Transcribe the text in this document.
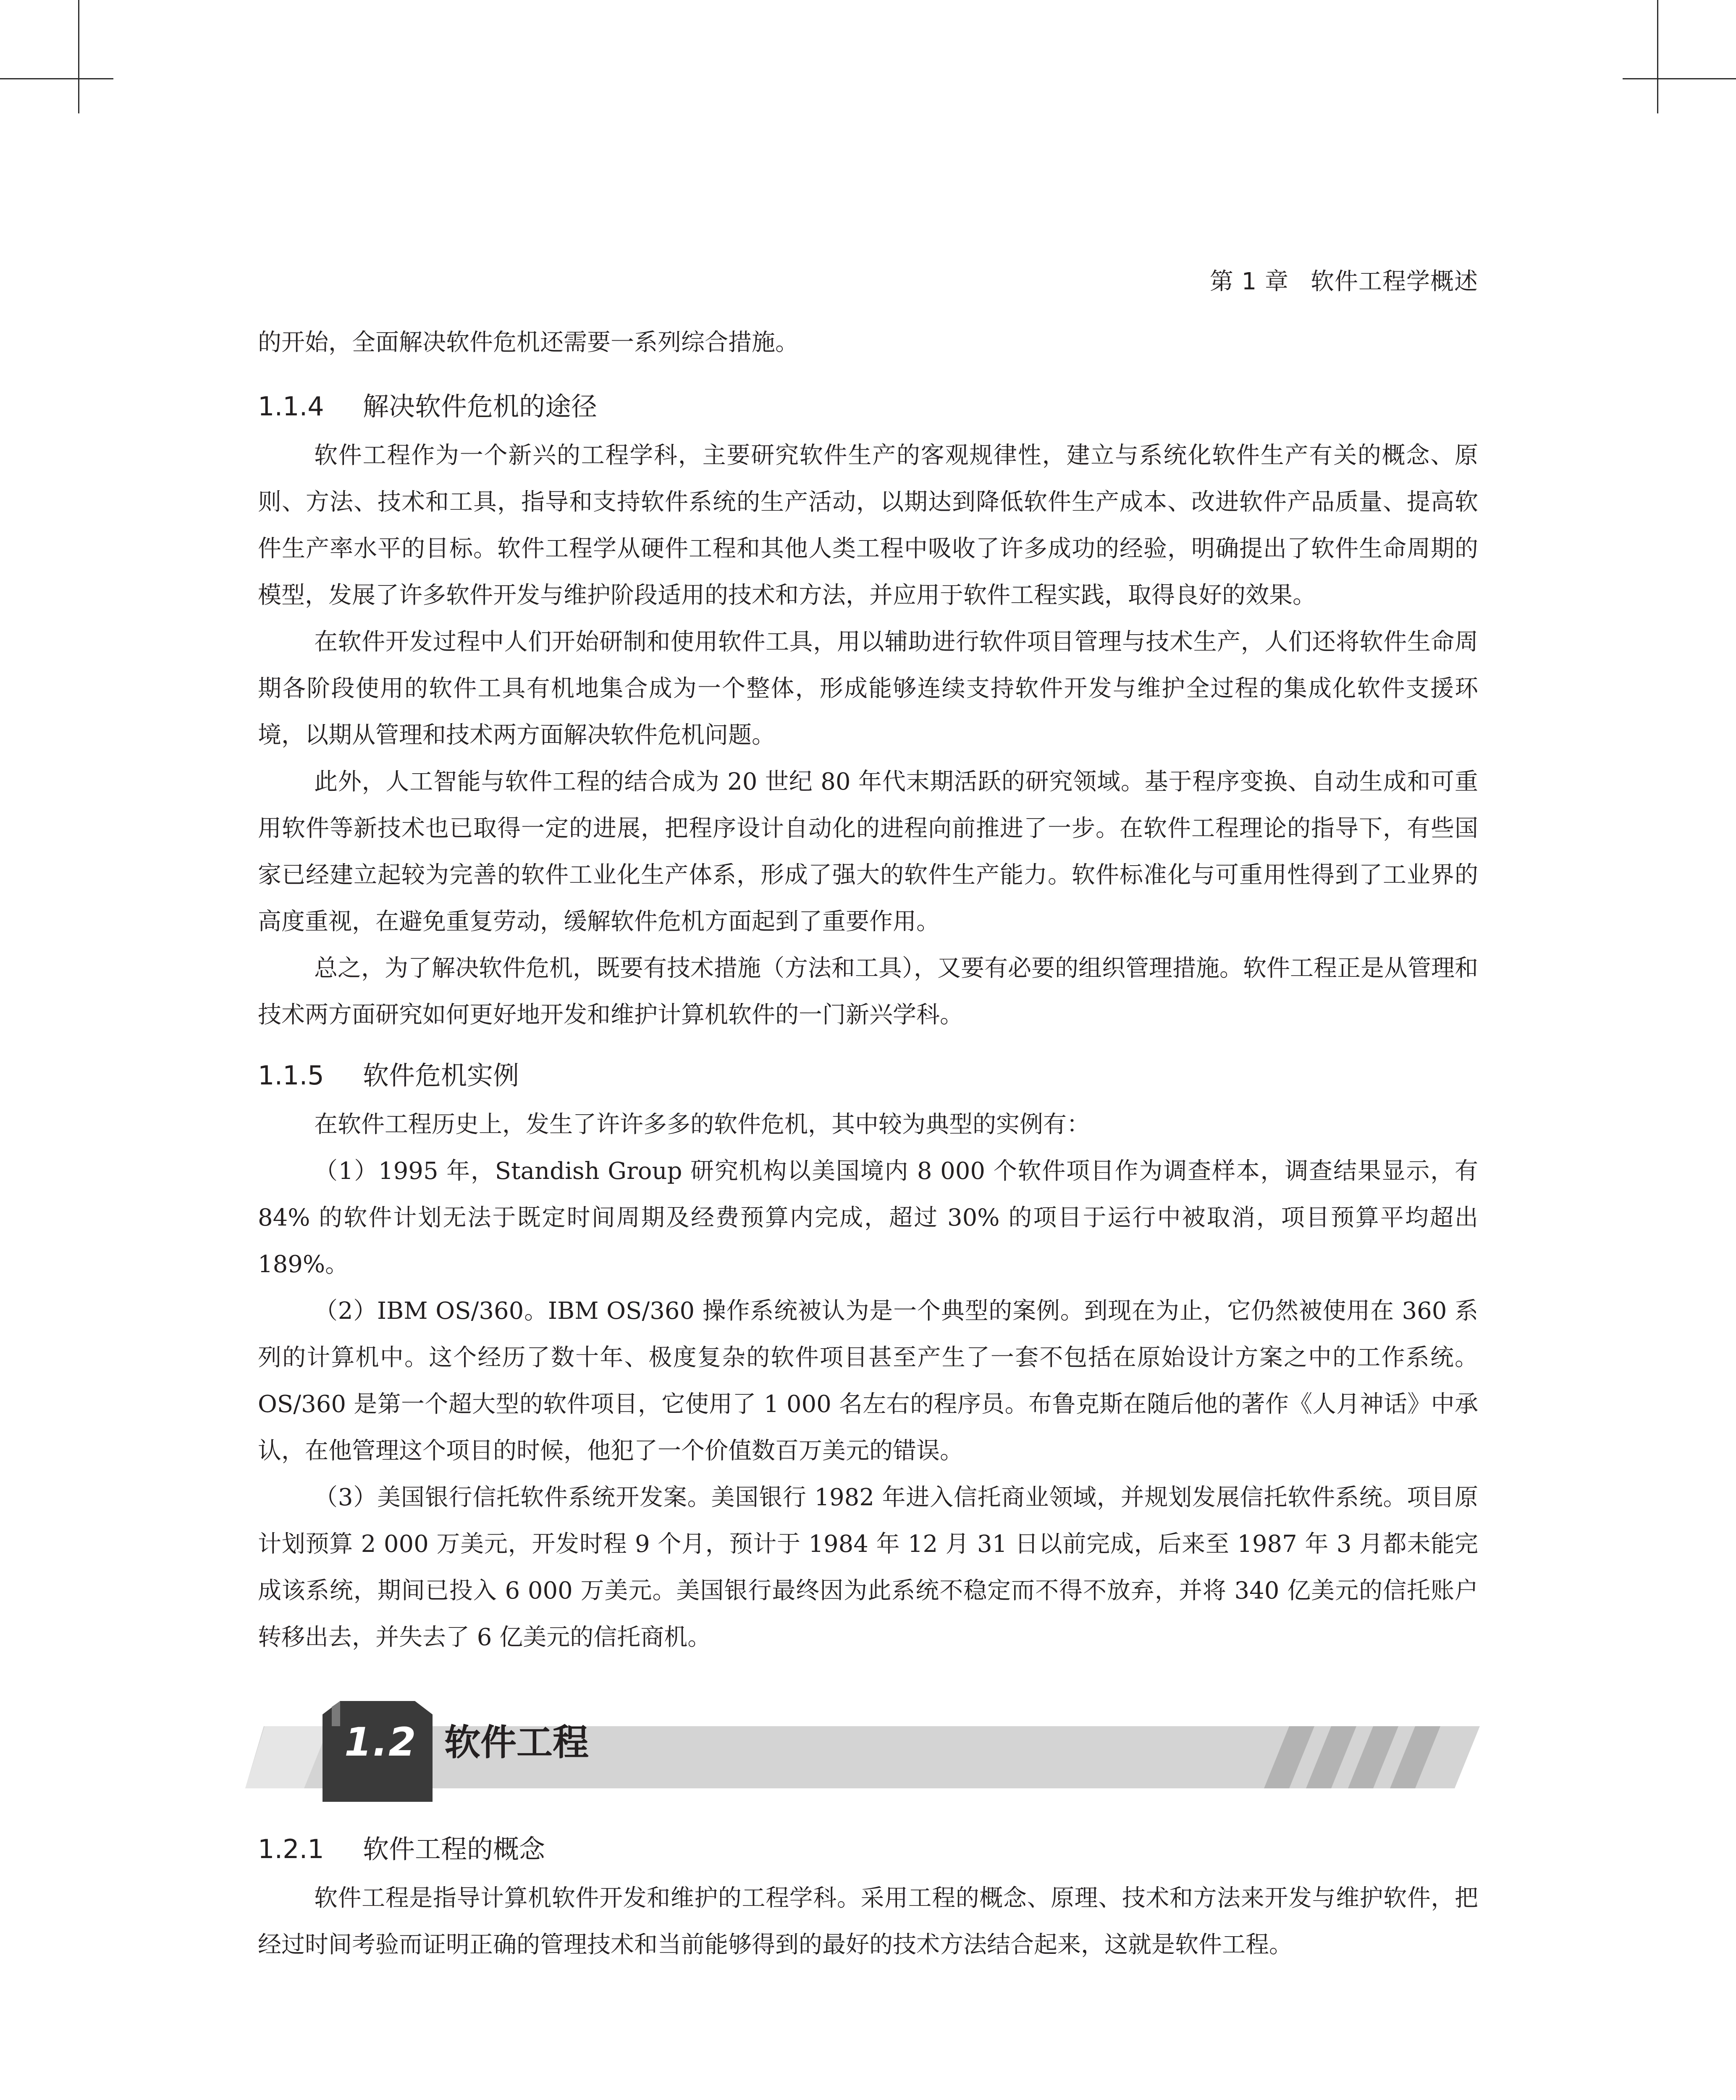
第 1 章 软件工程学概述

的开始，全面解决软件危机还需要一系列综合措施。

1.1.4 解决软件危机的途径

软件工程作为一个新兴的工程学科，主要研究软件生产的客观规律性，建立与系统化软件生产有关的概念、原则、方法、技术和工具，指导和支持软件系统的生产活动，以期达到降低软件生产成本、改进软件产品质量、提高软件生产率水平的目标。软件工程学从硬件工程和其他人类工程中吸收了许多成功的经验，明确提出了软件生命周期的模型，发展了许多软件开发与维护阶段适用的技术和方法，并应用于软件工程实践，取得良好的效果。

在软件开发过程中人们开始研制和使用软件工具，用以辅助进行软件项目管理与技术生产，人们还将软件生命周期各阶段使用的软件工具有机地集合成为一个整体，形成能够连续支持软件开发与维护全过程的集成化软件支援环境，以期从管理和技术两方面解决软件危机问题。

此外，人工智能与软件工程的结合成为 20 世纪 80 年代末期活跃的研究领域。基于程序变换、自动生成和可重用软件等新技术也已取得一定的进展，把程序设计自动化的进程向前推进了一步。在软件工程理论的指导下，有些国家已经建立起较为完善的软件工业化生产体系，形成了强大的软件生产能力。软件标准化与可重用性得到了工业界的高度重视，在避免重复劳动，缓解软件危机方面起到了重要作用。

总之，为了解决软件危机，既要有技术措施（方法和工具），又要有必要的组织管理措施。软件工程正是从管理和技术两方面研究如何更好地开发和维护计算机软件的一门新兴学科。

1.1.5 软件危机实例

在软件工程历史上，发生了许许多多的软件危机，其中较为典型的实例有：

（1）1995 年，Standish Group 研究机构以美国境内 8 000 个软件项目作为调查样本，调查结果显示，有 84% 的软件计划无法于既定时间周期及经费预算内完成，超过 30% 的项目于运行中被取消，项目预算平均超出 189%。

（2）IBM OS/360。IBM OS/360 操作系统被认为是一个典型的案例。到现在为止，它仍然被使用在 360 系列的计算机中。这个经历了数十年、极度复杂的软件项目甚至产生了一套不包括在原始设计方案之中的工作系统。OS/360 是第一个超大型的软件项目，它使用了 1 000 名左右的程序员。布鲁克斯在随后他的著作《人月神话》中承认，在他管理这个项目的时候，他犯了一个价值数百万美元的错误。

（3）美国银行信托软件系统开发案。美国银行 1982 年进入信托商业领域，并规划发展信托软件系统。项目原计划预算 2 000 万美元，开发时程 9 个月，预计于 1984 年 12 月 31 日以前完成，后来至 1987 年 3 月都未能完成该系统，期间已投入 6 000 万美元。美国银行最终因为此系统不稳定而不得不放弃，并将 340 亿美元的信托账户转移出去，并失去了 6 亿美元的信托商机。

1.2 软件工程
1.2.1 软件工程的概念

软件工程是指导计算机软件开发和维护的工程学科。采用工程的概念、原理、技术和方法来开发与维护软件，把经过时间考验而证明正确的管理技术和当前能够得到的最好的技术方法结合起来，这就是软件工程。
